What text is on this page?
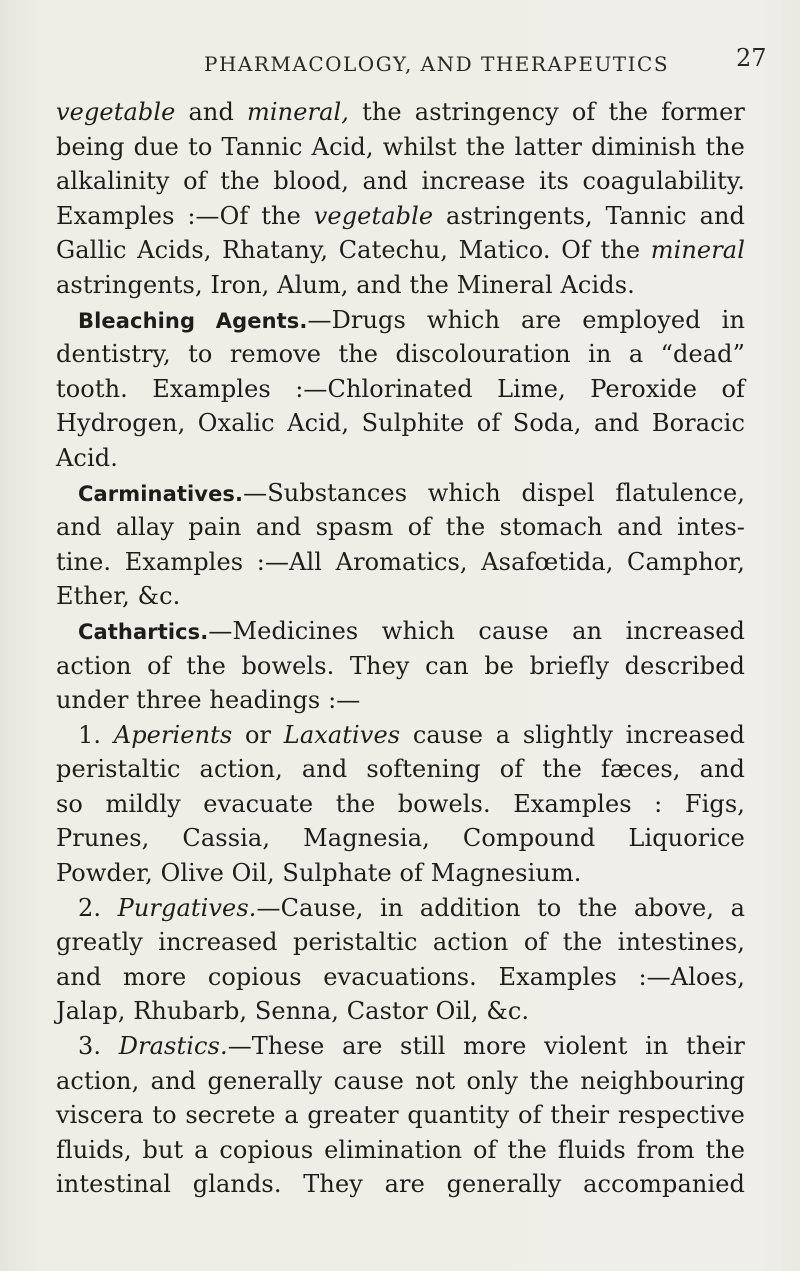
PHARMACOLOGY, AND THERAPEUTICS	27
vegetable and mineral, the astringency of the former
being due to Tannic Acid, whilst the latter diminish the
alkalinity of the blood, and increase its coagulability.
Examples :—Of the vegetable astringents, Tannic and
Gallic Acids, Rhatany, Catechu, Matico. Of the mineral
astringents, Iron, Alum, and the Mineral Acids.
Bleaching Agents.—Drugs which are employed in
dentistry, to remove the discolouration in a “dead”
tooth. Examples :—Chlorinated Lime, Peroxide of
Hydrogen, Oxalic Acid, Sulphite of Soda, and Boracic
Acid.
Carminatives.—Substances which dispel flatulence,
and allay pain and spasm of the stomach and intes-
tine. Examples :—All Aromatics, Asafœtida, Camphor,
Ether, &c.
Cathartics.—Medicines which cause an increased
action of the bowels. They can be briefly described
under three headings :—
1. Aperients or Laxatives cause a slightly increased
peristaltic action, and softening of the fæces, and
so mildly evacuate the bowels. Examples : Figs,
Prunes, Cassia, Magnesia, Compound Liquorice
Powder, Olive Oil, Sulphate of Magnesium.
2. Purgatives.—Cause, in addition to the above, a
greatly increased peristaltic action of the intestines,
and more copious evacuations. Examples :—Aloes,
Jalap, Rhubarb, Senna, Castor Oil, &c.
3. Drastics.—These are still more violent in their
action, and generally cause not only the neighbouring
viscera to secrete a greater quantity of their respective
fluids, but a copious elimination of the fluids from the
intestinal glands. They are generally accompanied
